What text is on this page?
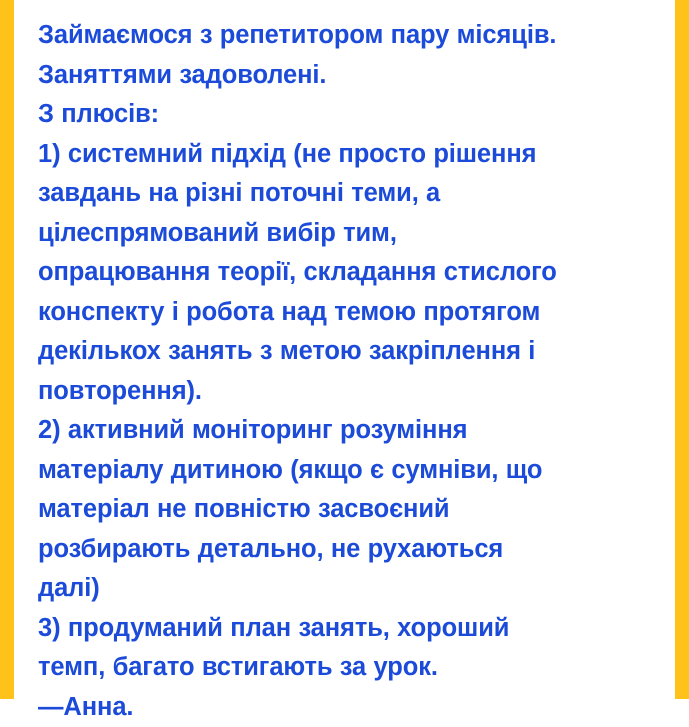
Займаємося з репетитором пару місяців.

Заняттями задоволені.

З плюсів:

1) системний підхід (не просто рішення

завдань на різні поточні теми, а

цілеспрямований вибір тим,

опрацювання теорії, складання стислого

конспекту і робота над темою протягом

декількох занять з метою закріплення і

повторення).

2) активний моніторинг розуміння

матеріалу дитиною (якщо є сумніви, що

матеріал не повністю засвоєний

розбирають детально, не рухаються

далі)

3) продуманий план занять, хороший

темп, багато встигають за урок.

—Анна.
